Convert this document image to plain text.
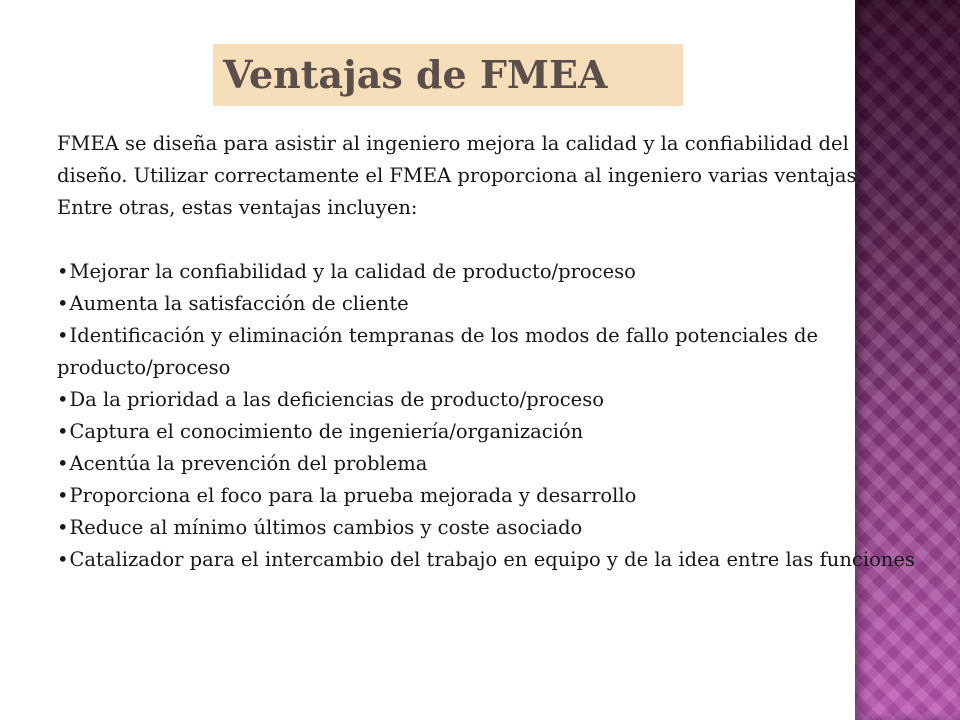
Ventajas de FMEA

FMEA se diseña para asistir al ingeniero mejora la calidad y la confiabilidad del diseño. Utilizar correctamente el FMEA proporciona al ingeniero varias ventajas.

Entre otras, estas ventajas incluyen:

•Mejorar la confiabilidad y la calidad de producto/proceso
•Aumenta la satisfacción de cliente
•Identificación y eliminación tempranas de los modos de fallo potenciales de producto/proceso
•Da la prioridad a las deficiencias de producto/proceso
•Captura el conocimiento de ingeniería/organización
•Acentúa la prevención del problema
•Proporciona el foco para la prueba mejorada y desarrollo
•Reduce al mínimo últimos cambios y coste asociado
•Catalizador para el intercambio del trabajo en equipo y de la idea entre las funciones
